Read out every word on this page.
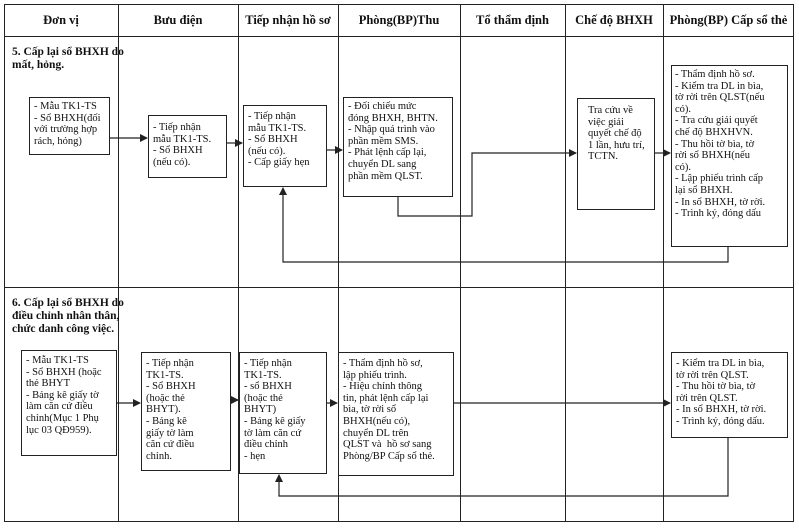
Đơn vị	Bưu điện	Tiếp nhận hồ sơ	Phòng(BP)Thu	Tổ thẩm định	Chế độ BHXH	Phòng(BP) Cấp sổ thẻ
5. Cấp lại sổ BHXH do
mất, hỏng.
6. Cấp lại sổ BHXH do
điều chỉnh nhân thân,
chức danh công việc.
- Mẫu TK1-TS
- Sổ BHXH(đối
với trường hợp
rách, hỏng)
- Tiếp nhận
mẫu TK1-TS.
- Sổ BHXH
(nếu có).
- Tiếp nhận
mẫu TK1-TS.
- Sổ BHXH
(nếu có).
- Cấp giấy hẹn
- Đối chiếu mức
đóng BHXH, BHTN.
- Nhập quá trình vào
phần mềm SMS.
- Phát lệnh cấp lại,
chuyển DL sang
phần mềm QLST.
Tra cứu về
việc giải
quyết chế độ
1 lần, hưu trí,
TCTN.
- Thẩm định hồ sơ.
- Kiểm tra DL in bìa,
tờ rời trên QLST(nếu
có).
- Tra cứu giải quyết
chế độ BHXHVN.
- Thu hồi tờ bìa, tờ
rời sổ BHXH(nếu
có).
- Lập phiếu trình cấp
lại sổ BHXH.
- In sổ BHXH, tờ rời.
- Trình ký, đóng dấu
- Mẫu TK1-TS
- Sổ BHXH (hoặc
thẻ BHYT
- Bảng kê giấy tờ
làm căn cứ điều
chỉnh(Mục 1 Phụ
lục 03 QĐ959).
- Tiếp nhận
TK1-TS.
- Sổ BHXH
(hoặc thẻ
BHYT).
- Bảng kê
giấy tờ làm
căn cứ điều
chỉnh.
- Tiếp nhận
TK1-TS.
- sổ BHXH
(hoặc thẻ
BHYT)
- Bảng kê giấy
tờ làm căn cứ
điều chỉnh
- hẹn
- Thẩm định hồ sơ,
lập phiếu trình.
- Hiệu chỉnh thông
tin, phát lệnh cấp lại
bìa, tờ rời sổ
BHXH(nếu có),
chuyển DL trên
QLST và  hồ sơ sang
Phòng/BP Cấp sổ thẻ.
- Kiểm tra DL in bìa,
tờ rời trên QLST.
- Thu hồi tờ bìa, tờ
rời trên QLST.
- In sổ BHXH, tờ rời.
- Trình ký, đóng dấu.
